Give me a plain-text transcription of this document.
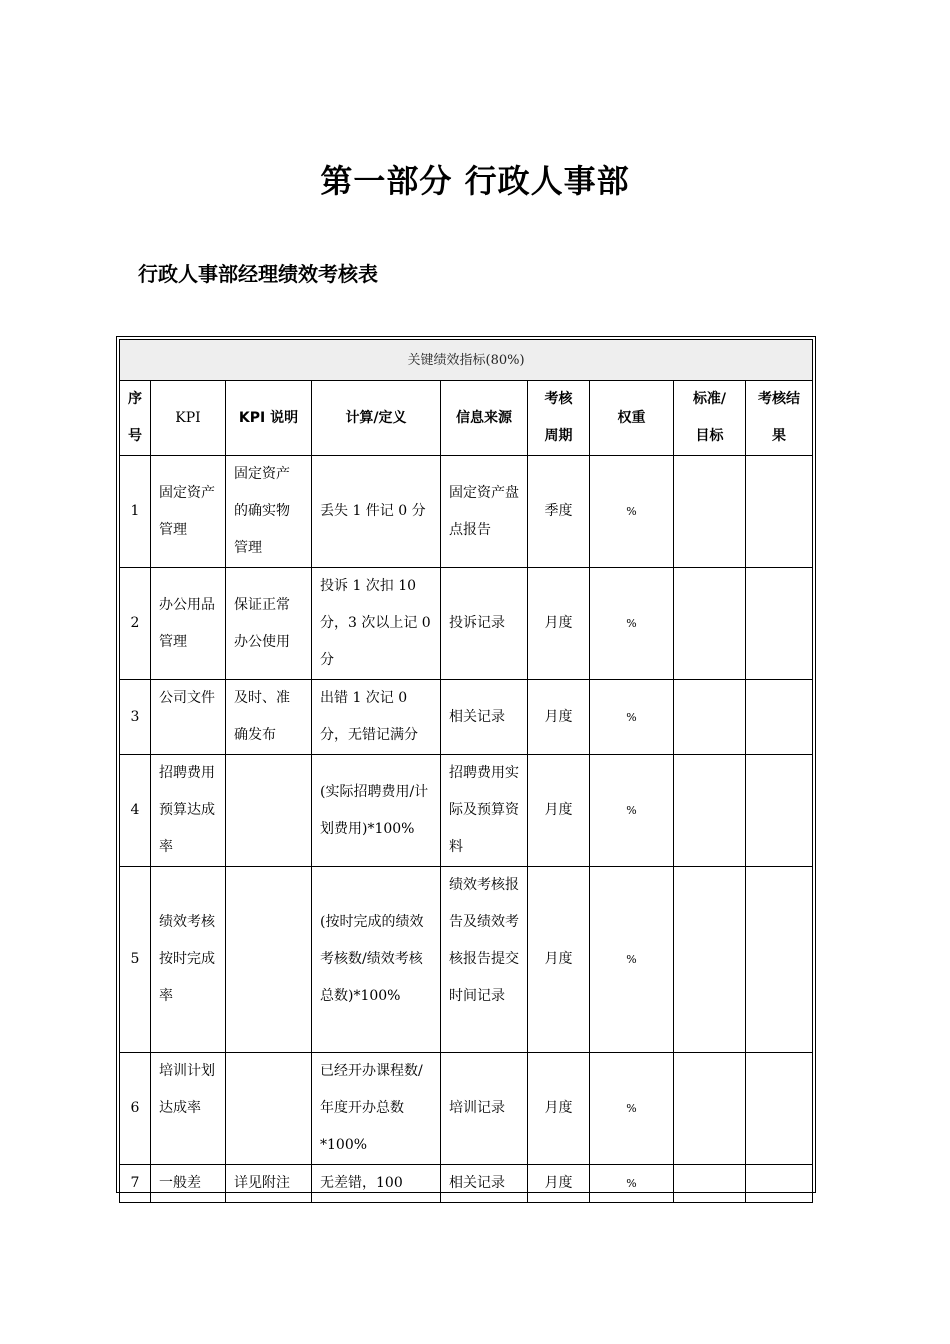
第一部分 行政人事部
行政人事部经理绩效考核表
关键绩效指标(80%)								
序号	KPI	KPI 说明	计算/定义	信息来源	考核周期	权重	标准/目标	考核结果
1	固定资产管理	固定资产的确实物管理	丢失 1 件记 0 分	固定资产盘点报告	季度	%		
2	办公用品管理	保证正常办公使用	投诉 1 次扣 10 分，3 次以上记 0 分	投诉记录	月度	%		
3	公司文件	及时、准确发布	出错 1 次记 0 分，无错记满分	相关记录	月度	%		
4	招聘费用预算达成率		(实际招聘费用/计划费用)*100%	招聘费用实际及预算资料	月度	%		
5	绩效考核按时完成率		(按时完成的绩效考核数/绩效考核总数)*100%	绩效考核报告及绩效考核报告提交时间记录	月度	%		
6	培训计划达成率		已经开办课程数/年度开办总数*100%	培训记录	月度	%		
7	一般差	详见附注	无差错，100	相关记录	月度	%		
